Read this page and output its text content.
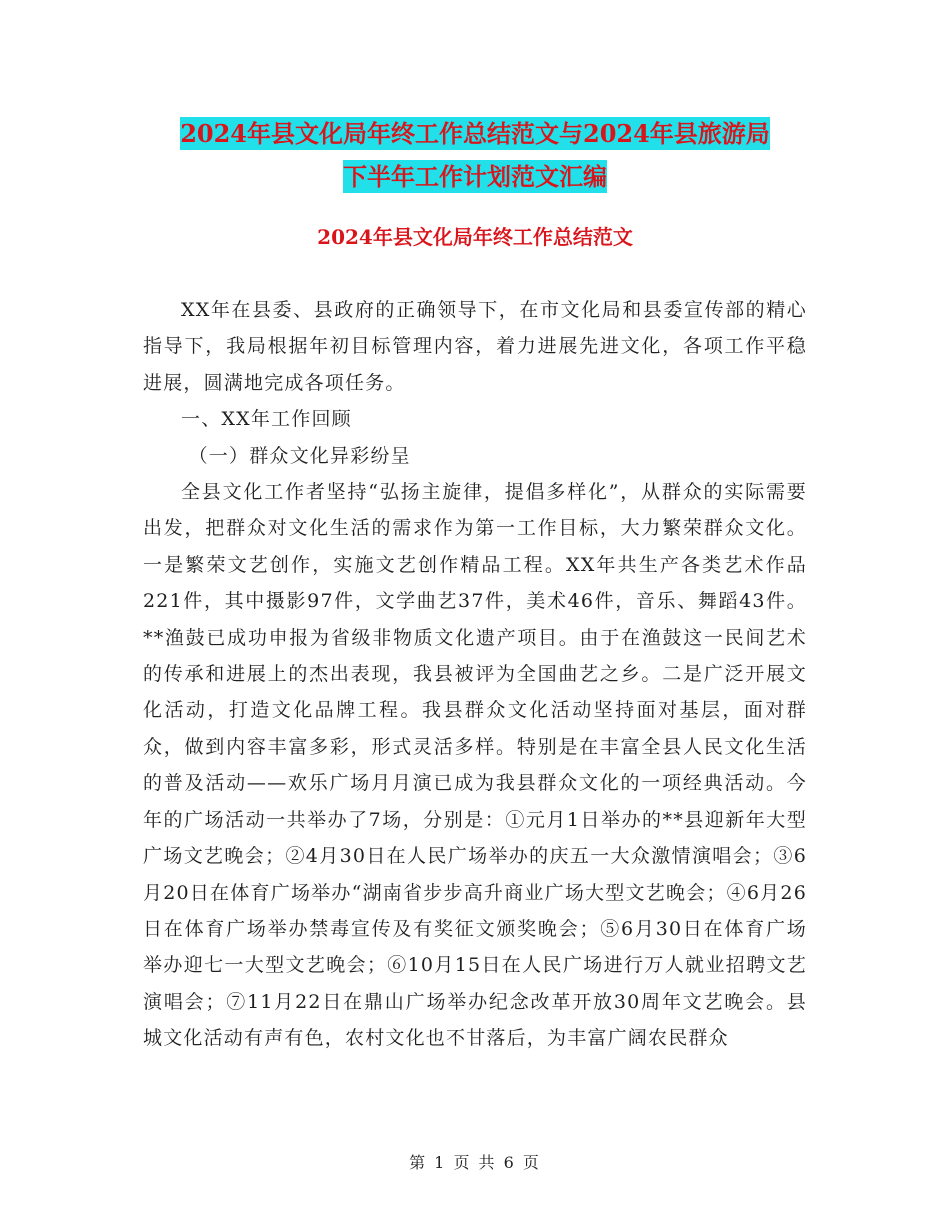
2024年县文化局年终工作总结范文与2024年县旅游局
下半年工作计划范文汇编
2024年县文化局年终工作总结范文

XX年在县委、县政府的正确领导下，在市文化局和县委宣传部的精心指导下，我局根据年初目标管理内容，着力进展先进文化，各项工作平稳进展，圆满地完成各项任务。

一、XX年工作回顾

（一）群众文化异彩纷呈

全县文化工作者坚持“弘扬主旋律，提倡多样化”，从群众的实际需要出发，把群众对文化生活的需求作为第一工作目标，大力繁荣群众文化。一是繁荣文艺创作，实施文艺创作精品工程。XX年共生产各类艺术作品221件，其中摄影97件，文学曲艺37件，美术46件，音乐、舞蹈43件。**渔鼓已成功申报为省级非物质文化遗产项目。由于在渔鼓这一民间艺术的传承和进展上的杰出表现，我县被评为全国曲艺之乡。二是广泛开展文化活动，打造文化品牌工程。我县群众文化活动坚持面对基层，面对群众，做到内容丰富多彩，形式灵活多样。特别是在丰富全县人民文化生活的普及活动——欢乐广场月月演已成为我县群众文化的一项经典活动。今年的广场活动一共举办了7场，分别是：①元月1日举办的**县迎新年大型广场文艺晚会；②4月30日在人民广场举办的庆五一大众激情演唱会；③6月20日在体育广场举办“湖南省步步高升商业广场大型文艺晚会；④6月26日在体育广场举办禁毒宣传及有奖征文颁奖晚会；⑤6月30日在体育广场举办迎七一大型文艺晚会；⑥10月15日在人民广场进行万人就业招聘文艺演唱会；⑦11月22日在鼎山广场举办纪念改革开放30周年文艺晚会。县城文化活动有声有色，农村文化也不甘落后，为丰富广阔农民群众

第 1 页 共 6 页
